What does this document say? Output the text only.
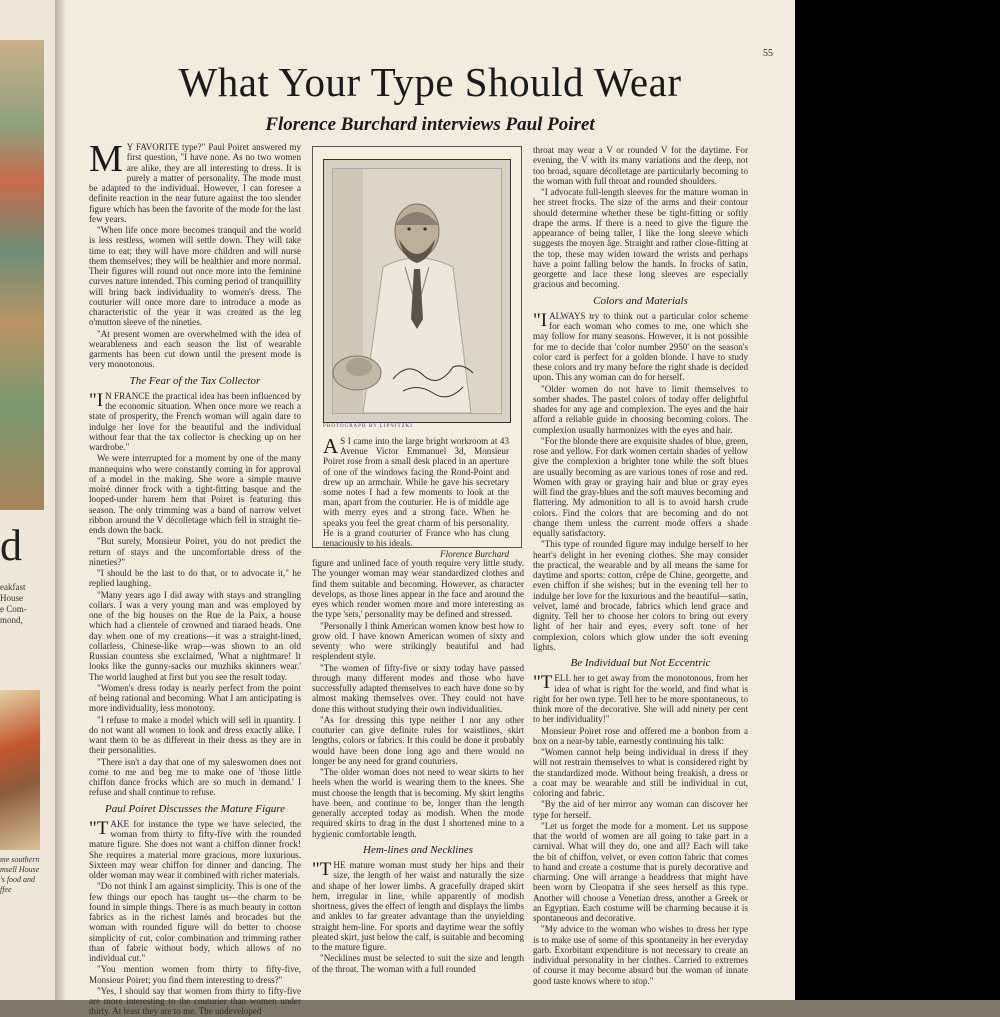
d
eakfast
House
e Com-
mond,
me southern
msell House
's food and
ffee
55
What Your Type Should Wear
Florence Burchard interviews Paul Poiret

M Y FAVORITE type?" Paul Poiret answered my first question, "I have none. As no two women are alike, they are all interesting to dress. It is purely a matter of personality. The mode must be adapted to the individual. However, I can foresee a definite reaction in the near future against the too slender figure which has been the favorite of the mode for the last few years.

"When life once more becomes tranquil and the world is less restless, women will settle down. They will take time to eat; they will have more children and will nurse them themselves; they will be healthier and more normal. Their figures will round out once more into the feminine curves nature intended. This coming period of tranquillity will bring back individuality to women's dress. The couturier will once more dare to introduce a mode as characteristic of the year it was created as the leg o'mutton sleeve of the nineties.

"At present women are overwhelmed with the idea of wearableness and each season the list of wearable garments has been cut down until the present mode is very monotonous.

The Fear of the Tax Collector

"I N FRANCE the practical idea has been influenced by the economic situation. When once more we reach a state of prosperity, the French woman will again dare to indulge her love for the beautiful and the individual without fear that the tax collector is checking up on her wardrobe."

We were interrupted for a moment by one of the many mannequins who were constantly coming in for approval of a model in the making. She wore a simple mauve moiré dinner frock with a tight-fitting basque and the looped-under harem hem that Poiret is featuring this season. The only trimming was a band of narrow velvet ribbon around the V décolletage which fell in straight tie-ends down the back.

"But surely, Monsieur Poiret, you do not predict the return of stays and the uncomfortable dress of the nineties?"

"I should be the last to do that, or to advocate it," he replied laughing.

"Many years ago I did away with stays and strangling collars. I was a very young man and was employed by one of the big houses on the Rue de la Paix, a house which had a clientele of crowned and tiaraed heads. One day when one of my creations—it was a straight-lined, collarless, Chinese-like wrap—was shown to an old Russian countess she exclaimed, 'What a nightmare! It looks like the gunny-sacks our muzhiks skinners wear.' The world laughed at first but you see the result today.

"Women's dress today is nearly perfect from the point of being rational and becoming. What I am anticipating is more individuality, less monotony.

"I refuse to make a model which will sell in quantity. I do not want all women to look and dress exactly alike. I want them to be as different in their dress as they are in their personalities.

"There isn't a day that one of my saleswomen does not come to me and beg me to make one of 'those little chiffon dance frocks which are so much in demand.' I refuse and shall continue to refuse.

Paul Poiret Discusses the Mature Figure

"TAKE for instance the type we have selected, the woman from thirty to fifty-five with the rounded mature figure. She does not want a chiffon dinner frock! She requires a material more gracious, more luxurious. Sixteen may wear chiffon for dinner and dancing. The older woman may wear it combined with richer materials.

"Do not think I am against simplicity. This is one of the few things our epoch has taught us—the charm to be found in simple things. There is as much beauty in cotton fabrics as in the richest lamés and brocades but the woman with rounded figure will do better to choose simplicity of cut, color combination and trimming rather than of fabric without body, which allows of no individual cut."

"You mention women from thirty to fifty-five, Monsieur Poiret; you find them interesting to dress?"

"Yes, I should say that women from thirty to fifty-five are more interesting to the couturier than women under thirty. At least they are to me. The undeveloped

PHOTOGRAPH BY LIPNITZKI
A S I came into the large bright workroom at 43 Avenue Victor Emmanuel 3d, Monsieur Poiret rose from a small desk placed in an aperture of one of the windows facing the Rond-Point and drew up an armchair. While he gave his secretary some notes I had a few moments to look at the man, apart from the couturier. He is of middle age with merry eyes and a strong face. When he speaks you feel the great charm of his personality. He is a grand couturier of France who has clung tenaciously to his ideals.
Florence Burchard

figure and unlined face of youth require very little study. The younger woman may wear standardized clothes and find them suitable and becoming. However, as character develops, as those lines appear in the face and around the eyes which render women more and more interesting as the type 'sets,' personality may be defined and stressed.

"Personally I think American women know best how to grow old. I have known American women of sixty and seventy who were strikingly beautiful and had resplendent style.

"The women of fifty-five or sixty today have passed through many different modes and those who have successfully adapted themselves to each have done so by almost making themselves over. They could not have done this without studying their own individualities.

"As for dressing this type neither I nor any other couturier can give definite rules for waistlines, skirt lengths, colors or fabrics. It this could be done it probably would have been done long ago and there would no longer be any need for grand couturiers.

"The older woman does not need to wear skirts to her heels when the world is wearing them to the knees. She must choose the length that is becoming. My skirt lengths have been, and continue to be, longer than the length generally accepted today as modish. When the mode required skirts to drag in the dust I shortened mine to a hygienic comfortable length.

Hem-lines and Necklines

"THE mature woman must study her hips and their size, the length of her waist and naturally the size and shape of her lower limbs. A gracefully draped skirt hem, irregular in line, while apparently of modish shortness, gives the effect of length and displays the limbs and ankles to far greater advantage than the unyielding straight hem-line. For sports and daytime wear the softly pleated skirt, just below the calf, is suitable and becoming to the mature figure.

"Necklines must be selected to suit the size and length of the throat. The woman with a full rounded

throat may wear a V or rounded V for the daytime. For evening, the V with its many variations and the deep, not too broad, square décolletage are particularly becoming to the woman with full throat and rounded shoulders.

"I advocate full-length sleeves for the mature woman in her street frocks. The size of the arms and their contour should determine whether these be tight-fitting or softly drape the arms. If there is a need to give the figure the appearance of being taller, I like the long sleeve which suggests the moyen âge. Straight and rather close-fitting at the top, these may widen toward the wrists and perhaps have a point falling below the hands. In frocks of satin, georgette and lace these long sleeves are especially gracious and becoming.

Colors and Materials

"IALWAYS try to think out a particular color scheme for each woman who comes to me, one which she may follow for many seasons. However, it is not possible for me to decide that 'color number 2950' on the season's color card is perfect for a golden blonde. I have to study these colors and try many before the right shade is decided upon. This any woman can do for herself.

"Older women do not have to limit themselves to somber shades. The pastel colors of today offer delightful shades for any age and complexion. The eyes and the hair afford a reliable guide in choosing becoming colors. The complexion usually harmonizes with the eyes and hair.

"For the blonde there are exquisite shades of blue, green, rose and yellow. For dark women certain shades of yellow give the complexion a brighter tone while the soft blues are usually becoming as are various tones of rose and red. Women with gray or graying hair and blue or gray eyes will find the gray-blues and the soft mauves becoming and flattering. My admonition to all is to avoid harsh crude colors. Find the colors that are becoming and do not change them unless the current mode offers a shade equally satisfactory.

"This type of rounded figure may indulge herself to her heart's delight in her evening clothes. She may consider the practical, the wearable and by all means the same for daytime and sports: cotton, crêpe de Chine, georgette, and even chiffon if she wishes; but in the evening tell her to indulge her love for the luxurious and the beautiful—satin, velvet, lamé and brocade, fabrics which lend grace and dignity. Tell her to choose her colors to bring out every light of her hair and eyes, every soft tone of her complexion, colors which glow under the soft evening lights.

Be Individual but Not Eccentric

"TELL her to get away from the monotonous, from her idea of what is right for the world, and find what is right for her own type. Tell her to be more spontaneous, to think more of the decorative. She will add ninety per cent to her individuality!"

Monsieur Poiret rose and offered me a bonbon from a box on a near-by table, earnestly continuing his talk:

"Women cannot help being individual in dress if they will not restrain themselves to what is considered right by the standardized mode. Without being freakish, a dress or a coat may be wearable and still be individual in cut, coloring and fabric.

"By the aid of her mirror any woman can discover her type for herself.

"Let us forget the mode for a moment. Let us suppose that the world of women are all going to take part in a carnival. What will they do, one and all? Each will take the bit of chiffon, velvet, or even cotton fabric that comes to hand and create a costume that is purely decorative and charming. One will arrange a headdress that might have been worn by Cleopatra if she sees herself as this type. Another will choose a Venetian dress, another a Greek or an Egyptian. Each costume will be charming because it is spontaneous and decorative.

"My advice to the woman who wishes to dress her type is to make use of some of this spontaneity in her everyday garb. Exorbitant expenditure is not necessary to create an individual personality in her clothes. Carried to extremes of course it may become absurd but the woman of innate good taste knows where to stop."
